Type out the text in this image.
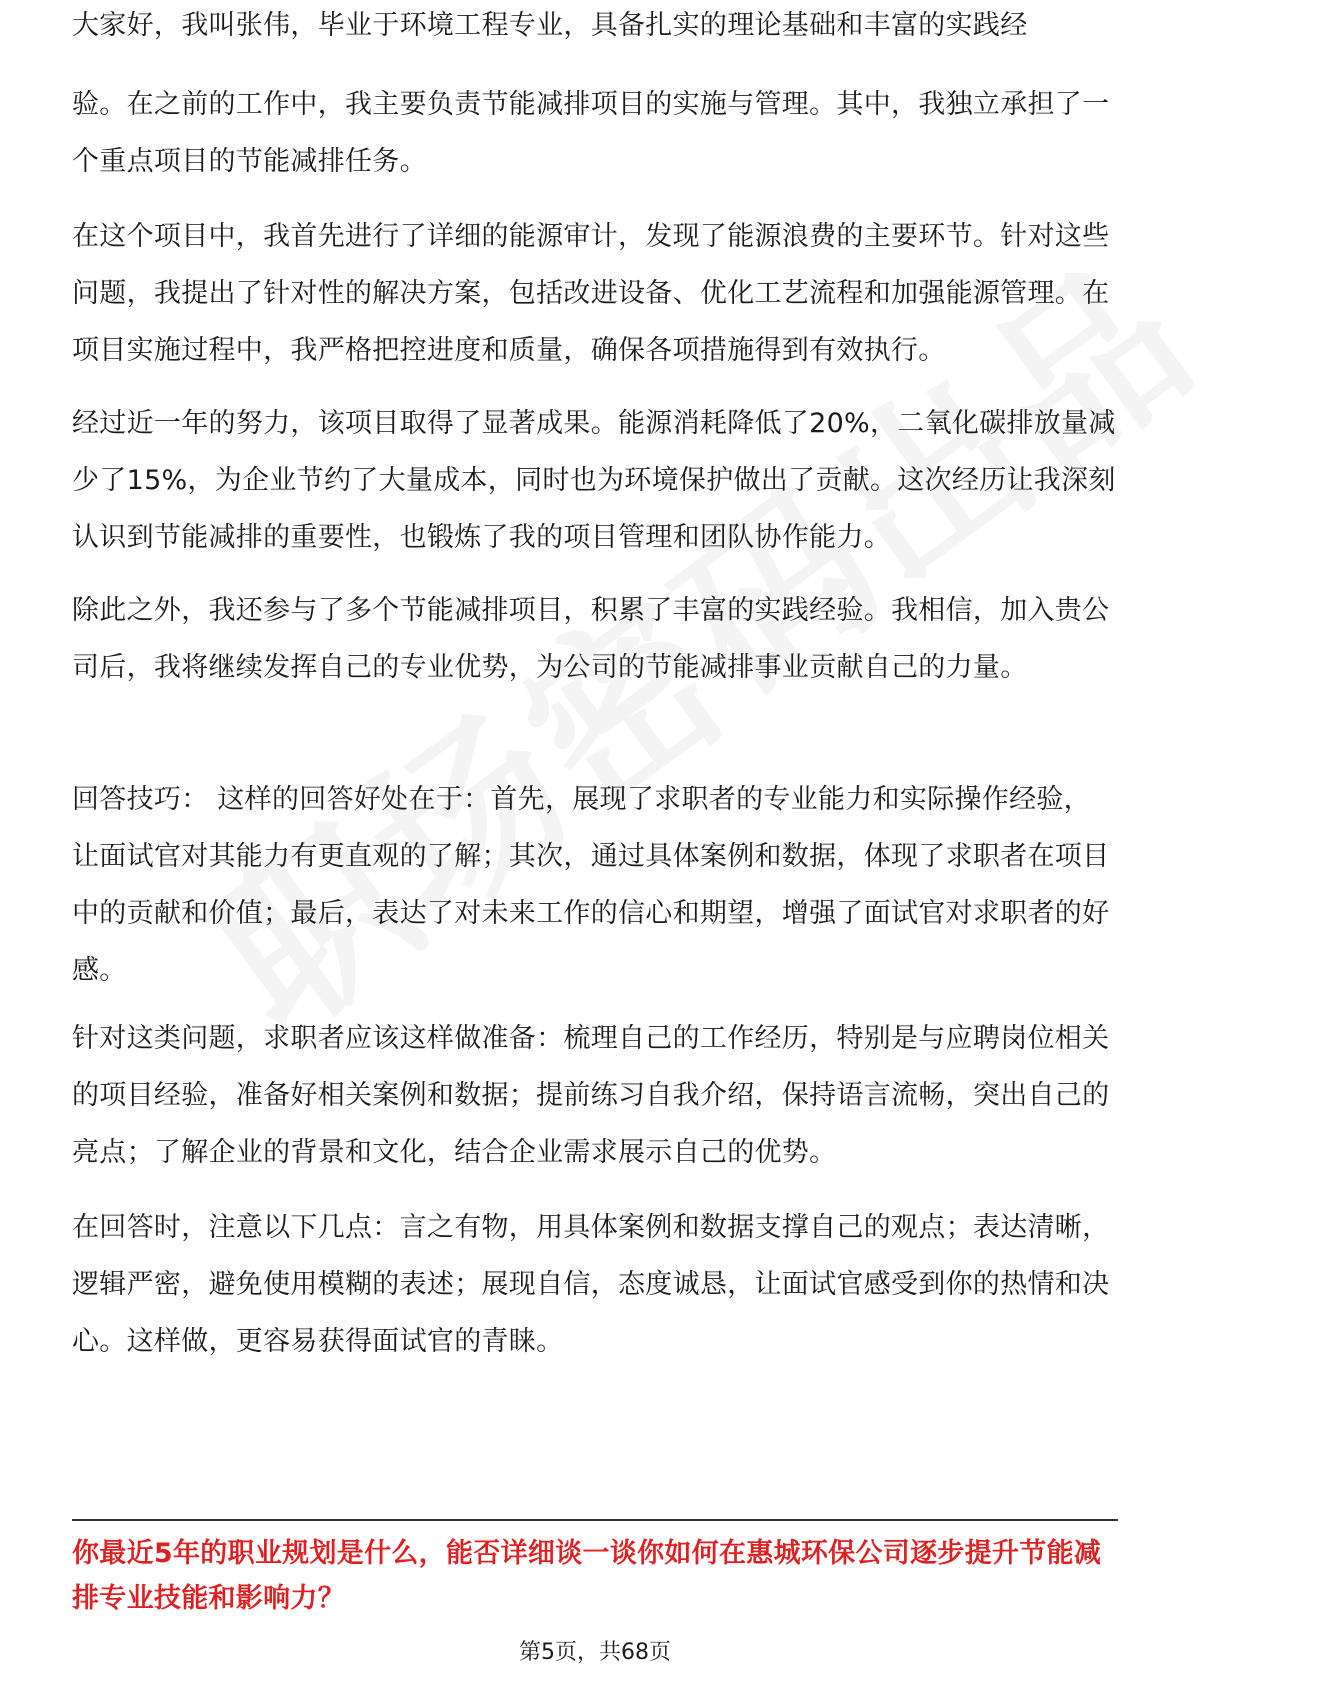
大家好，我叫张伟，毕业于环境工程专业，具备扎实的理论基础和丰富的实践经

验。在之前的工作中，我主要负责节能减排项目的实施与管理。其中，我独立承担了一个重点项目的节能减排任务。

在这个项目中，我首先进行了详细的能源审计，发现了能源浪费的主要环节。针对这些问题，我提出了针对性的解决方案，包括改进设备、优化工艺流程和加强能源管理。在项目实施过程中，我严格把控进度和质量，确保各项措施得到有效执行。

经过近一年的努力，该项目取得了显著成果。能源消耗降低了20%，二氧化碳排放量减少了15%，为企业节约了大量成本，同时也为环境保护做出了贡献。这次经历让我深刻认识到节能减排的重要性，也锻炼了我的项目管理和团队协作能力。

除此之外，我还参与了多个节能减排项目，积累了丰富的实践经验。我相信，加入贵公司后，我将继续发挥自己的专业优势，为公司的节能减排事业贡献自己的力量。

回答技巧： 这样的回答好处在于：首先，展现了求职者的专业能力和实际操作经验，让面试官对其能力有更直观的了解；其次，通过具体案例和数据，体现了求职者在项目中的贡献和价值；最后，表达了对未来工作的信心和期望，增强了面试官对求职者的好感。

针对这类问题，求职者应该这样做准备：梳理自己的工作经历，特别是与应聘岗位相关的项目经验，准备好相关案例和数据；提前练习自我介绍，保持语言流畅，突出自己的亮点；了解企业的背景和文化，结合企业需求展示自己的优势。

在回答时，注意以下几点：言之有物，用具体案例和数据支撑自己的观点；表达清晰，逻辑严密，避免使用模糊的表述；展现自信，态度诚恳，让面试官感受到你的热情和决心。这样做，更容易获得面试官的青睐。

你最近5年的职业规划是什么，能否详细谈一谈你如何在惠城环保公司逐步提升节能减排专业技能和影响力？

第5页，共68页
